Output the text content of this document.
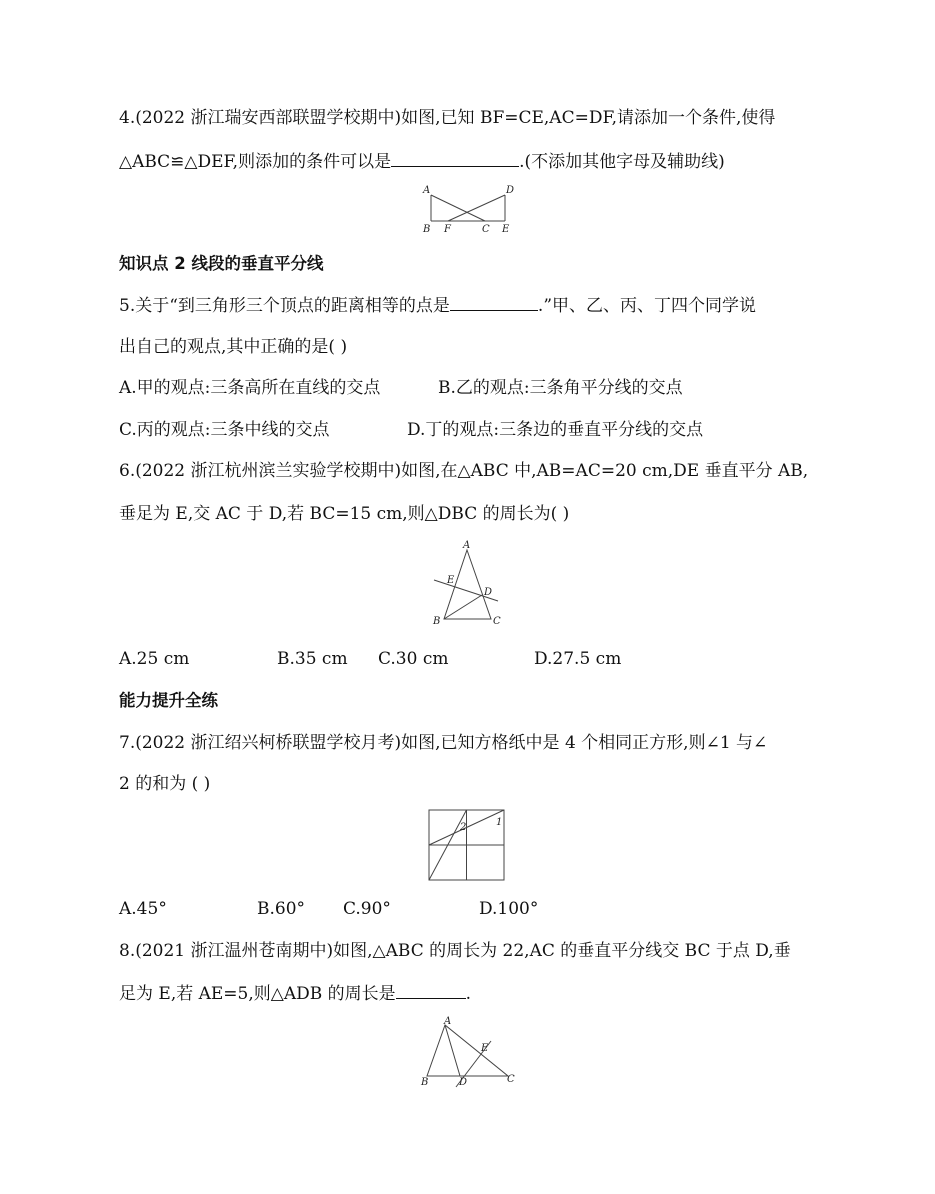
4.(2022 浙江瑞安西部联盟学校期中)如图,已知 BF=CE,AC=DF,请添加一个条件,使得
△ABC≌△DEF,则添加的条件可以是	.(不添加其他字母及辅助线)
A	D
B F	C E
知识点 2 线段的垂直平分线
5.关于“到三角形三个顶点的距离相等的点是	.”甲、乙、丙、丁四个同学说
出自己的观点,其中正确的是( )
A.甲的观点:三条高所在直线的交点	B.乙的观点:三条角平分线的交点
C.丙的观点:三条中线的交点	D.丁的观点:三条边的垂直平分线的交点
6.(2022 浙江杭州滨兰实验学校期中)如图,在△ABC 中,AB=AC=20 cm,DE 垂直平分 AB,
垂足为 E,交 AC 于 D,若 BC=15 cm,则△DBC 的周长为( )
A
E
D
B	C
A.25 cm	B.35 cm C.30 cm	D.27.5 cm
能力提升全练
7.(2022 浙江绍兴柯桥联盟学校月考)如图,已知方格纸中是 4 个相同正方形,则∠1 与∠
2 的和为 ( )
2	1
A.45°	B.60° C.90°	D.100°
8.(2021 浙江温州苍南期中)如图,△ABC 的周长为 22,AC 的垂直平分线交 BC 于点 D,垂
足为 E,若 AE=5,则△ADB 的周长是	.
A
E
B	D	C
